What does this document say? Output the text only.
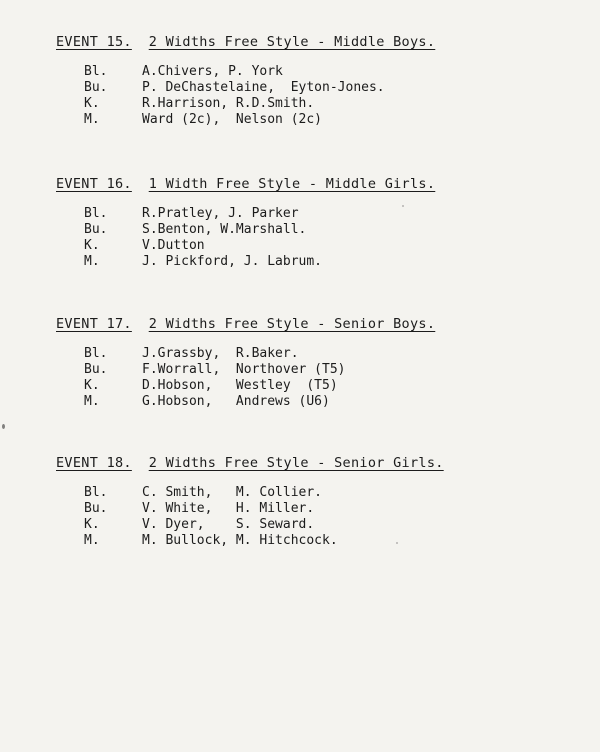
EVENT 15. 2 Widths Free Style - Middle Boys.
Bl.	A.Chivers, P. York
Bu.	P. DeChastelaine,  Eyton-Jones.
K.	R.Harrison, R.D.Smith.
M.	Ward (2c),  Nelson (2c)
EVENT 16. 1 Width Free Style - Middle Girls.
Bl.	R.Pratley, J. Parker
Bu.	S.Benton, W.Marshall.
K.	V.Dutton
M.	J. Pickford, J. Labrum.
EVENT 17. 2 Widths Free Style - Senior Boys.
Bl.	J.Grassby,  R.Baker.
Bu.	F.Worrall,  Northover (T5)
K.	D.Hobson,   Westley  (T5)
M.	G.Hobson,   Andrews (U6)
EVENT 18. 2 Widths Free Style - Senior Girls.
Bl.	C. Smith,   M. Collier.
Bu.	V. White,   H. Miller.
K.	V. Dyer,    S. Seward.
M.	M. Bullock, M. Hitchcock.
